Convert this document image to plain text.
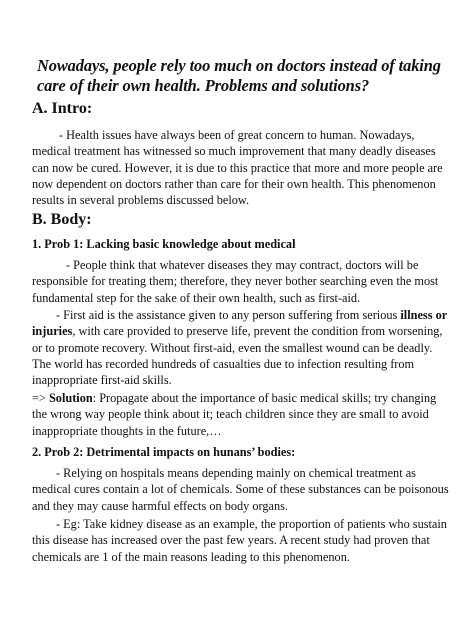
Nowadays, people rely too much on doctors instead of taking care of their own health. Problems and solutions?
A. Intro:
- Health issues have always been of great concern to human. Nowadays, medical treatment has witnessed so much improvement that many deadly diseases can now be cured. However, it is due to this practice that more and more people are now dependent on doctors rather than care for their own health. This phenomenon results in several problems discussed below.
B. Body:
1. Prob 1: Lacking basic knowledge about medical
- People think that whatever diseases they may contract, doctors will be responsible for treating them; therefore, they never bother searching even the most fundamental step for the sake of their own health, such as first-aid.
- First aid is the assistance given to any person suffering from serious illness or injuries, with care provided to preserve life, prevent the condition from worsening, or to promote recovery. Without first-aid, even the smallest wound can be deadly. The world has recorded hundreds of casualties due to infection resulting from inappropriate first-aid skills.
=> Solution: Propagate about the importance of basic medical skills; try changing the wrong way people think about it; teach children since they are small to avoid inappropriate thoughts in the future,…
2. Prob 2: Detrimental impacts on hunans’ bodies:
- Relying on hospitals means depending mainly on chemical treatment as medical cures contain a lot of chemicals. Some of these substances can be poisonous and they may cause harmful effects on body organs.
- Eg: Take kidney disease as an example, the proportion of patients who sustain this disease has increased over the past few years. A recent study had proven that chemicals are 1 of the main reasons leading to this phenomenon.
